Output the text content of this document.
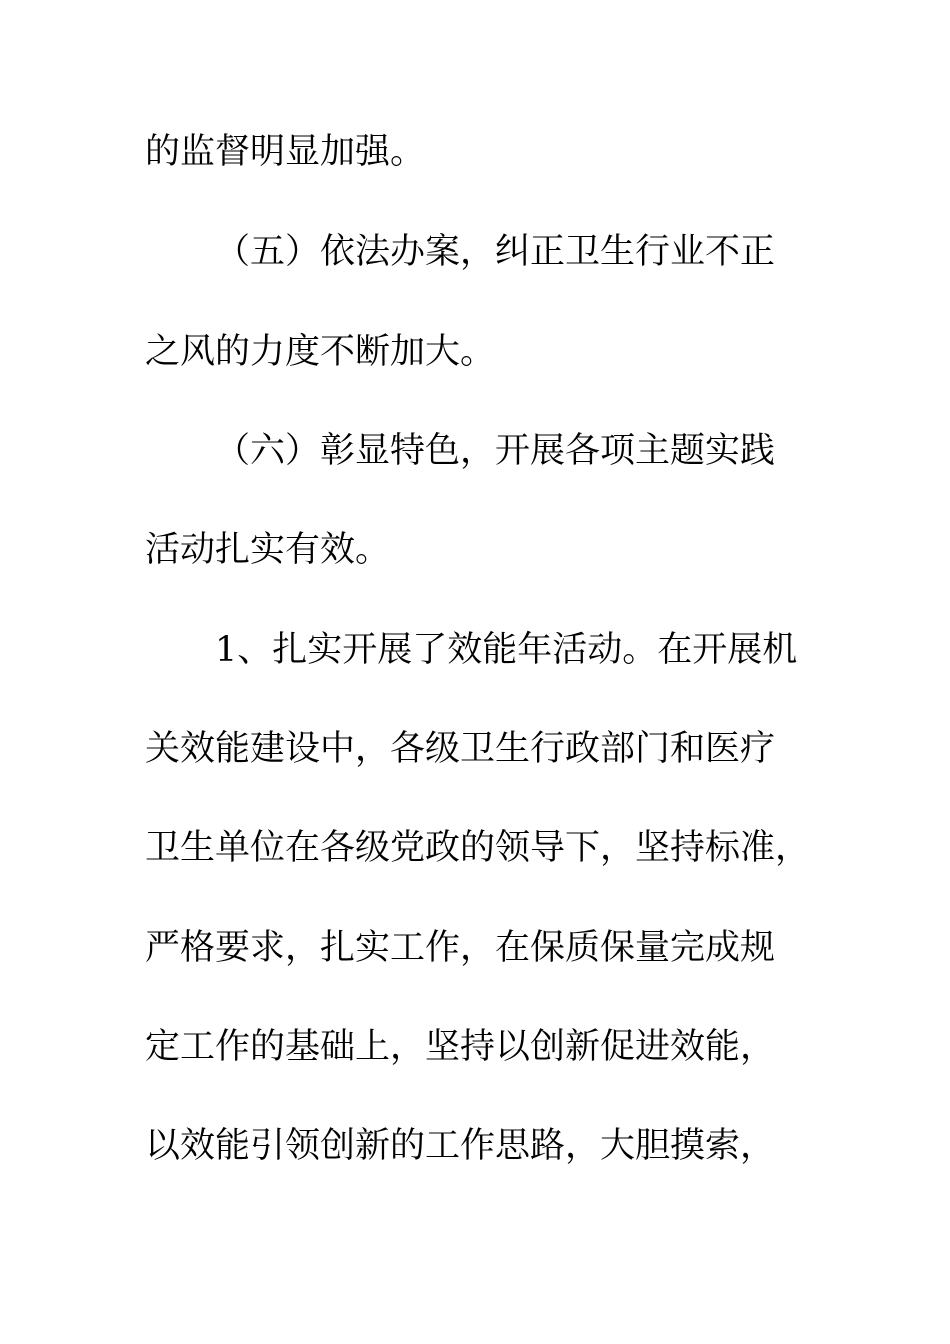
的监督明显加强。
（五）依法办案，纠正卫生行业不正
之风的力度不断加大。
（六）彰显特色，开展各项主题实践
活动扎实有效。
1、扎实开展了效能年活动。在开展机
关效能建设中，各级卫生行政部门和医疗
卫生单位在各级党政的领导下，坚持标准，
严格要求，扎实工作，在保质保量完成规
定工作的基础上，坚持以创新促进效能，
以效能引领创新的工作思路，大胆摸索，
